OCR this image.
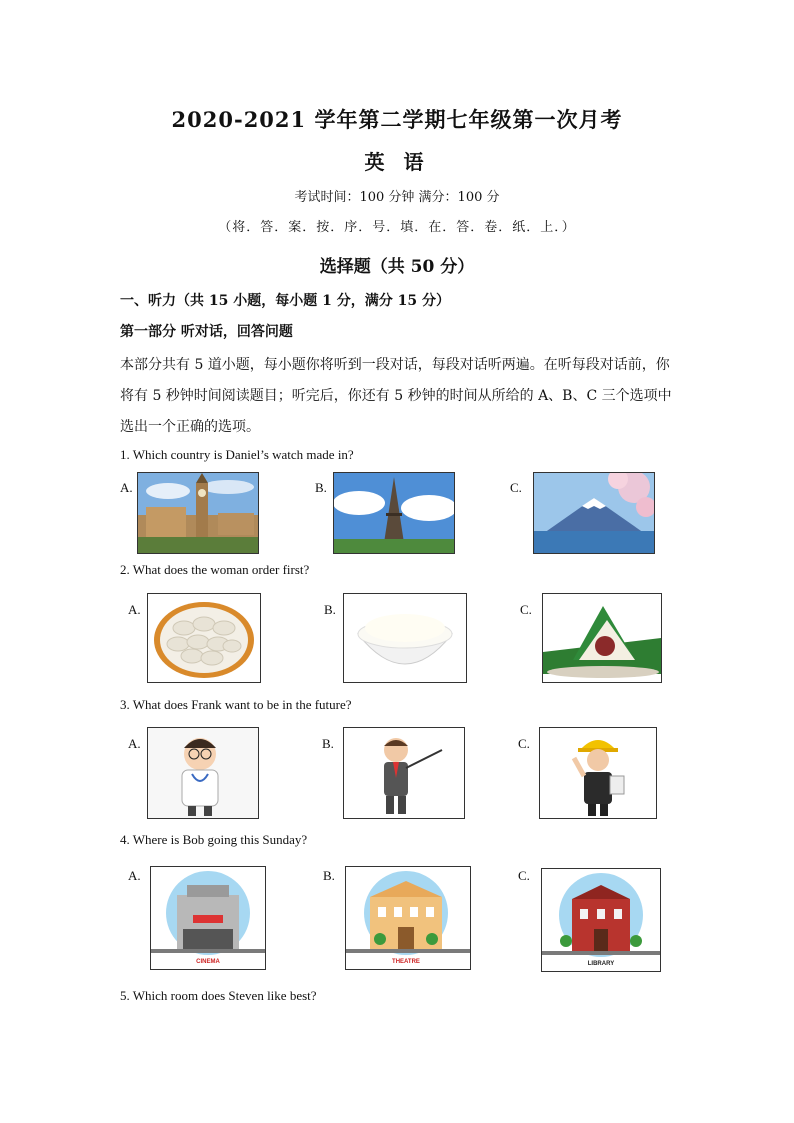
2020-2021 学年第二学期七年级第一次月考
英 语
考试时间：100 分钟 满分：100 分
（将．答．案．按．序．号．填．在．答．卷．纸．上．）
选择题（共 50 分）
一、听力（共 15 小题，每小题 1 分，满分 15 分）
第一部分 听对话，回答问题
本部分共有 5 道小题，每小题你将听到一段对话，每段对话听两遍。在听每段对话前，你将有 5 秒钟时间阅读题目；听完后，你还有 5 秒钟的时间从所给的 A、B、C 三个选项中选出一个正确的选项。
1. Which country is Daniel’s watch made in?
A.	B.	C.
2. What does the woman order first?
A.	B.	C.
3. What does Frank want to be in the future?
A.	B.	C.
4. Where is Bob going this Sunday?
A.
CINEMA
B.
THEATRE
C.
LIBRARY
5. Which room does Steven like best?
